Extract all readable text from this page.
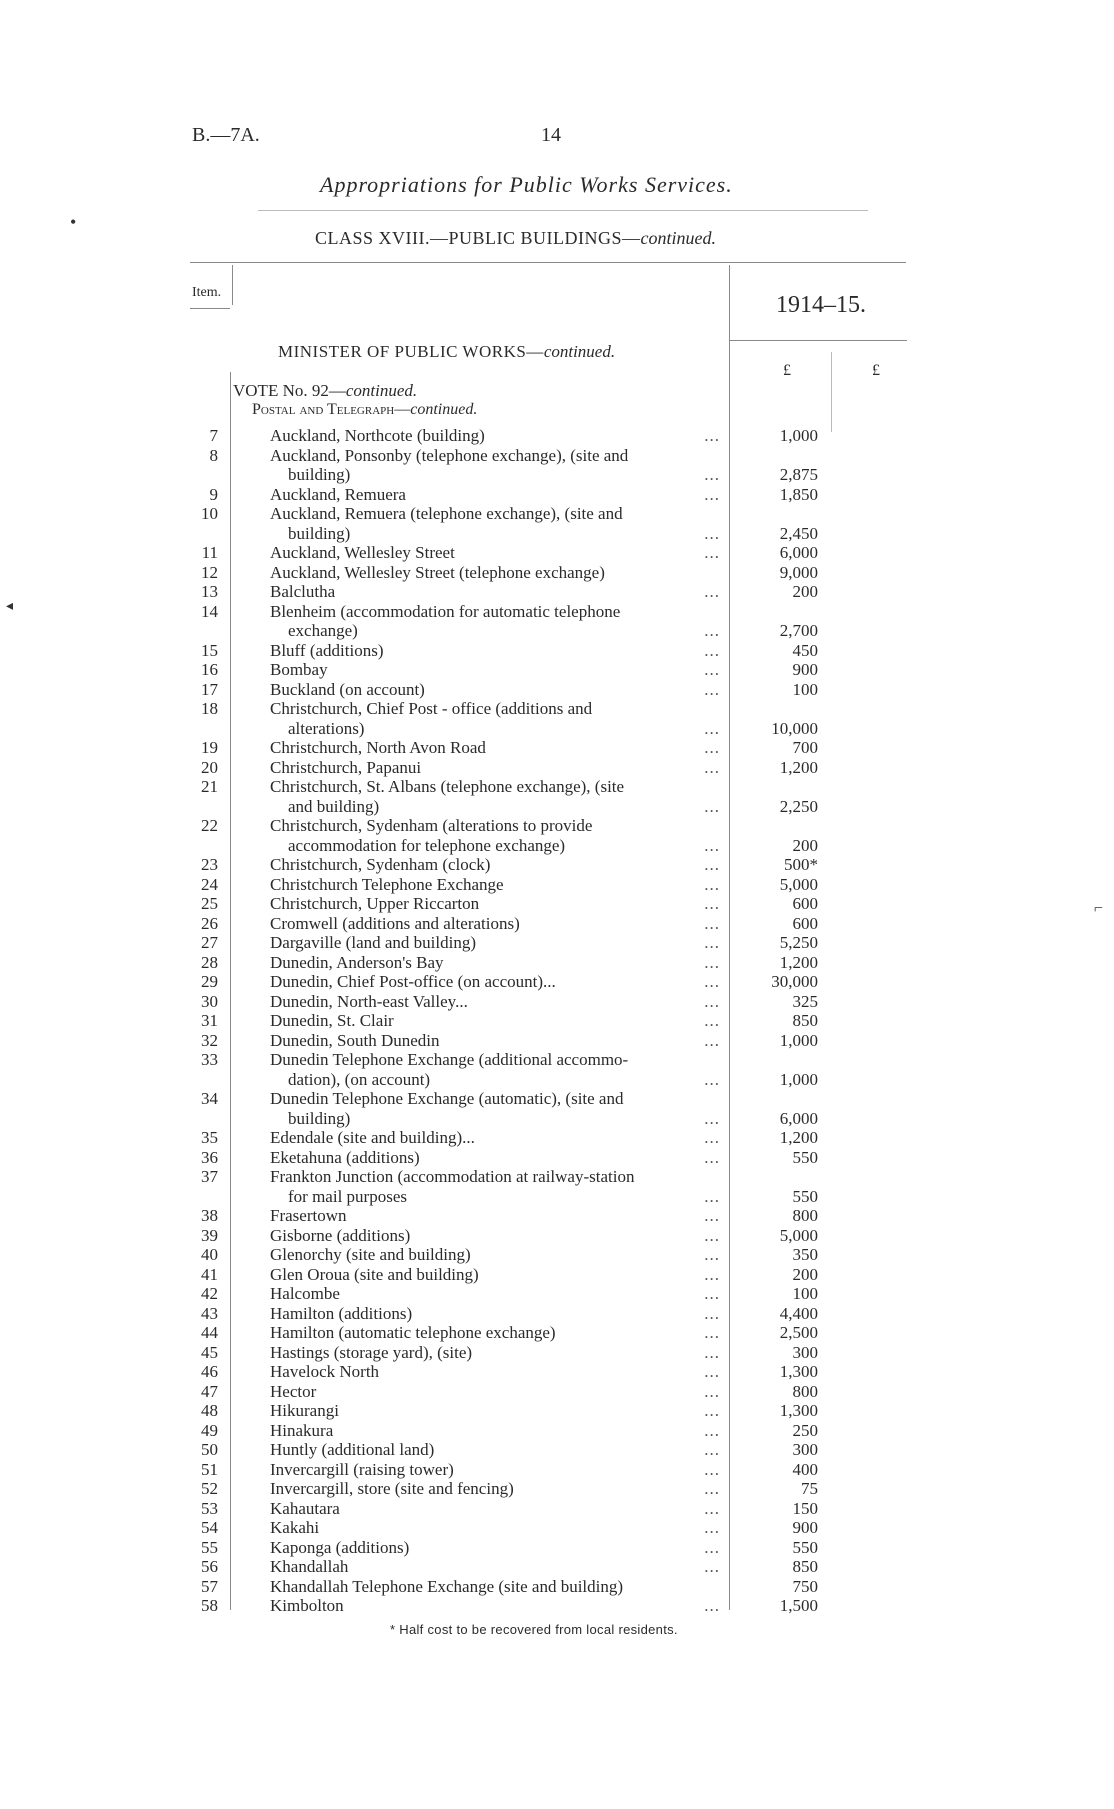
B.—7A.	14
Appropriations for Public Works Services.
CLASS XVIII.—PUBLIC BUILDINGS—continued.
Item.	1914–15.
£	£
MINISTER OF PUBLIC WORKS—continued.
VOTE No. 92—continued.
Postal and Telegraph—continued.
7	Auckland, Northcote (building) ...	1,000
8	Auckland, Ponsonby (telephone exchange), (site and
building) ...	2,875
9	Auckland, Remuera ...	1,850
10	Auckland, Remuera (telephone exchange), (site and
building) ...	2,450
11	Auckland, Wellesley Street ...	6,000
12	Auckland, Wellesley Street (telephone exchange)	9,000
13	Balclutha ...	200
14	Blenheim (accommodation for automatic telephone
exchange) ...	2,700
15	Bluff (additions) ...	450
16	Bombay ...	900
17	Buckland (on account) ...	100
18	Christchurch, Chief Post - office (additions and
alterations) ...	10,000
19	Christchurch, North Avon Road ...	700
20	Christchurch, Papanui ...	1,200
21	Christchurch, St. Albans (telephone exchange), (site
and building) ...	2,250
22	Christchurch, Sydenham (alterations to provide
accommodation for telephone exchange) ...	200
23	Christchurch, Sydenham (clock) ...	500*
24	Christchurch Telephone Exchange ...	5,000
25	Christchurch, Upper Riccarton ...	600
26	Cromwell (additions and alterations) ...	600
27	Dargaville (land and building) ...	5,250
28	Dunedin, Anderson's Bay ...	1,200
29	Dunedin, Chief Post-office (on account)... ...	30,000
30	Dunedin, North-east Valley... ...	325
31	Dunedin, St. Clair ...	850
32	Dunedin, South Dunedin ...	1,000
33	Dunedin Telephone Exchange (additional accommo-
dation), (on account) ...	1,000
34	Dunedin Telephone Exchange (automatic), (site and
building) ...	6,000
35	Edendale (site and building)... ...	1,200
36	Eketahuna (additions) ...	550
37	Frankton Junction (accommodation at railway-station
for mail purposes ...	550
38	Frasertown ...	800
39	Gisborne (additions) ...	5,000
40	Glenorchy (site and building) ...	350
41	Glen Oroua (site and building) ...	200
42	Halcombe ...	100
43	Hamilton (additions) ...	4,400
44	Hamilton (automatic telephone exchange) ...	2,500
45	Hastings (storage yard), (site) ...	300
46	Havelock North ...	1,300
47	Hector ...	800
48	Hikurangi ...	1,300
49	Hinakura ...	250
50	Huntly (additional land) ...	300
51	Invercargill (raising tower) ...	400
52	Invercargill, store (site and fencing) ...	75
53	Kahautara ...	150
54	Kakahi ...	900
55	Kaponga (additions) ...	550
56	Khandallah ...	850
57	Khandallah Telephone Exchange (site and building)	750
58	Kimbolton ...	1,500
* Half cost to be recovered from local residents.
•
◂
⌐
